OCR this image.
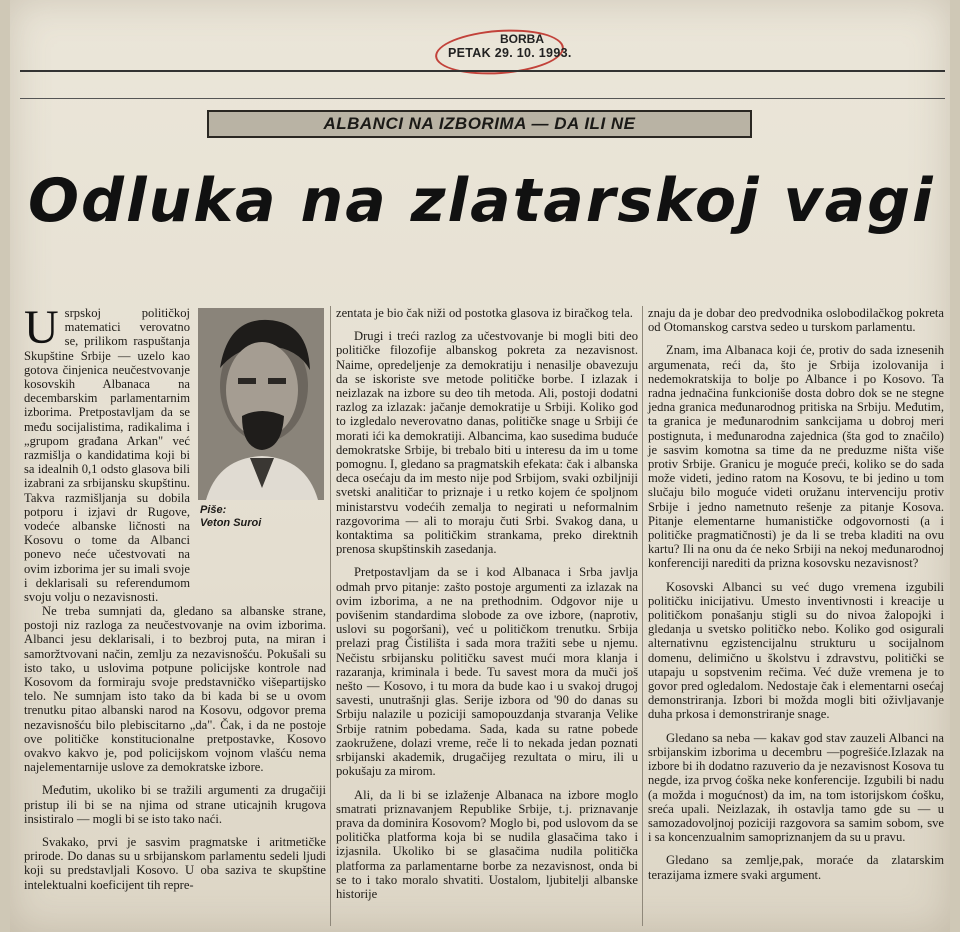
BORBA
PETAK 29. 10. 1993.
ALBANCI NA IZBORIMA — DA ILI NE
Odluka na zlatarskoj vagi
U srpskoj političkoj matematici verovatno se, prilikom raspuštanja Skupštine Srbije — uzelo kao gotova činjenica neučestvovanje kosovskih Albanaca na decembarskim parlamentarnim izborima. Pretpostavljam da se među socijalistima, radikalima i „grupom građana Arkan" već razmišlja o kandidatima koji bi sa idealnih 0,1 odsto glasova bili izabrani za srbijansku skupštinu. Takva razmišljanja su dobila potporu i izjavi dr Rugove, vodeće albanske ličnosti na Kosovu o tome da Albanci ponevo neće učestvovati na ovim izborima jer su imali svoje i deklarisali su referendumom svoju volju o nezavisnosti.
Piše:
Veton Suroi

Ne treba sumnjati da, gledano sa albanske strane, postoji niz razloga za neučestvovanje na ovim izborima. Albanci jesu deklarisali, i to bezbroj puta, na miran i samoržtvovani način, zemlju za nezavisnošću. Pokušali su isto tako, u uslovima potpune policijske kontrole nad Kosovom da formiraju svoje predstavničko višepartijsko telo. Ne sumnjam isto tako da bi kada bi se u ovom trenutku pitao albanski narod na Kosovu, odgovor prema nezavisnošću bilo plebiscitarno „da". Čak, i da ne postoje ove političke konstitucionalne pretpostavke, Kosovo ovakvo kakvo je, pod policijskom vojnom vlašću nema najelementarnije uslove za demokratske izbore.

Međutim, ukoliko bi se tražili argumenti za drugačiji pristup ili bi se na njima od strane uticajnih krugova insistiralo — mogli bi se isto tako naći.

Svakako, prvi je sasvim pragmatske i aritmetičke prirode. Do danas su u srbijanskom parlamentu sedeli ljudi koji su predstavljali Kosovo. U oba saziva te skupštine intelektualni koeficijent tih repre-

zentata je bio čak niži od postotka glasova iz biračkog tela.

Drugi i treći razlog za učestvovanje bi mogli biti deo političke filozofije albanskog pokreta za nezavisnost. Naime, opredeljenje za demokratiju i nenasilje obavezuju da se iskoriste sve metode političke borbe. I izlazak i neizlazak na izbore su deo tih metoda. Ali, postoji dodatni razlog za izlazak: jačanje demokratije u Srbiji. Koliko god to izgledalo neverovatno danas, političke snage u Srbiji će morati ići ka demokratiji. Albancima, kao susedima buduće demokratske Srbije, bi trebalo biti u interesu da im u tome pomognu. I, gledano sa pragmatskih efekata: čak i albanska deca osećaju da im mesto nije pod Srbijom, svaki ozbiljniji svetski analitičar to priznaje i u retko kojem će spoljnom ministarstvu vodećih zemalja to negirati u neformalnim razgovorima — ali to moraju čuti Srbi. Svakog dana, u kontaktima sa političkim strankama, preko direktnih prenosa skupštinskih zasedanja.

Pretpostavljam da se i kod Albanaca i Srba javlja odmah prvo pitanje: zašto postoje argumenti za izlazak na ovim izborima, a ne na prethodnim. Odgovor nije u povišenim standardima slobode za ove izbore, (naprotiv, uslovi su pogoršani), već u političkom trenutku. Srbija prelazi prag Čistilišta i sada mora tražiti sebe u njemu. Nečistu srbijansku političku savest mući mora klanja i razaranja, kriminala i bede. Tu savest mora da muči još nešto — Kosovo, i tu mora da bude kao i u svakoj drugoj savesti, unutrašnji glas. Serije izbora od '90 do danas su Srbiju nalazile u poziciji samopouzdanja stvaranja Velike Srbije ratnim pobedama. Sada, kada su ratne pobede zaokružene, dolazi vreme, reče li to nekada jedan poznati srbijanski akademik, drugačijeg rezultata o miru, ili u pokušaju za mirom.

Ali, da li bi se izlaženje Albanaca na izbore moglo smatrati priznavanjem Republike Srbije, t.j. priznavanje prava da dominira Kosovom? Moglo bi, pod uslovom da se politička platforma koja bi se nudila glasačima takо i izjasnila. Ukoliko bi se glasačima nudila politička platforma za parlamentarne borbe za nezavisnost, onda bi se to i tako moralo shvatiti. Uostalom, ljubitelji albanske historije

znaju da je dobar deo predvodnika oslobodilačkog pokreta od Otomanskog carstva sedeo u turskom parlamentu.

Znam, ima Albanaca koji će, protiv do sada iznesenih argumenata, reći da, što je Srbija izolovanija i nedemokratskija to bolje po Albance i po Kosovo. Ta radna jednačina funkcioniše dosta dobro dok se ne stegne jedna granica međunarodnog pritiska na Srbiju. Međutim, ta granica je međunarodnim sankcijama u dobroj meri postignuta, i međunarodna zajednica (šta god to značilo) je sasvim komotna sa time da ne preduzme ništa više protiv Srbije. Granicu je moguće preći, koliko se do sada može videti, jedino ratom na Kosovu, te bi jedino u tom slučaju bilo moguće videti oružanu intervenciju protiv Srbije i jedno nametnuto rešenje za pitanje Kosova. Pitanje elementarne humanističke odgovornosti (a i političke pragmatičnosti) je da li se treba kladiti na ovu kartu? Ili na onu da će neko Srbiji na nekoj međunarodnoj konferenciji narediti da prizna kosovsku nezavisnost?

Kosovski Albanci su već dugo vremena izgubili političku inicijativu. Umesto inventivnosti i kreacije u političkom ponašanju stigli su do nivoa žalopojki i gledanja u svetsko političko nebo. Koliko god osigurali alternativnu egzistencijalnu strukturu u socijalnom domenu, delimično u školstvu i zdravstvu, politički se utapaju u sopstvenim rečima. Već duže vremena je to govor pred ogledalom. Nedostaje čak i elementarni osećaj demonstriranja. Izbori bi možda mogli biti oživljavanje duha prkosa i demonstriranje snage.

Gledano sa neba — kakav god stav zauzeli Albanci na srbijanskim izborima u decembru —pogrešiće.Izlazak na izbore bi ih dodatno razuverio da je nezavisnost Kosova tu negde, iza prvog ćoška neke konferencije. Izgubili bi nadu (a možda i mogućnost) da im, na tom istorijskom ćošku, sreća upali. Neizlazak, ih ostavlja tamo gde su — u samozadovoljnoj poziciji razgovora sa samim sobom, sve i sa koncenzualnim samopriznanjem da su u pravu.

Gledano sa zemlje,pak, moraće da zlatarskim terazijama izmere svaki argument.
